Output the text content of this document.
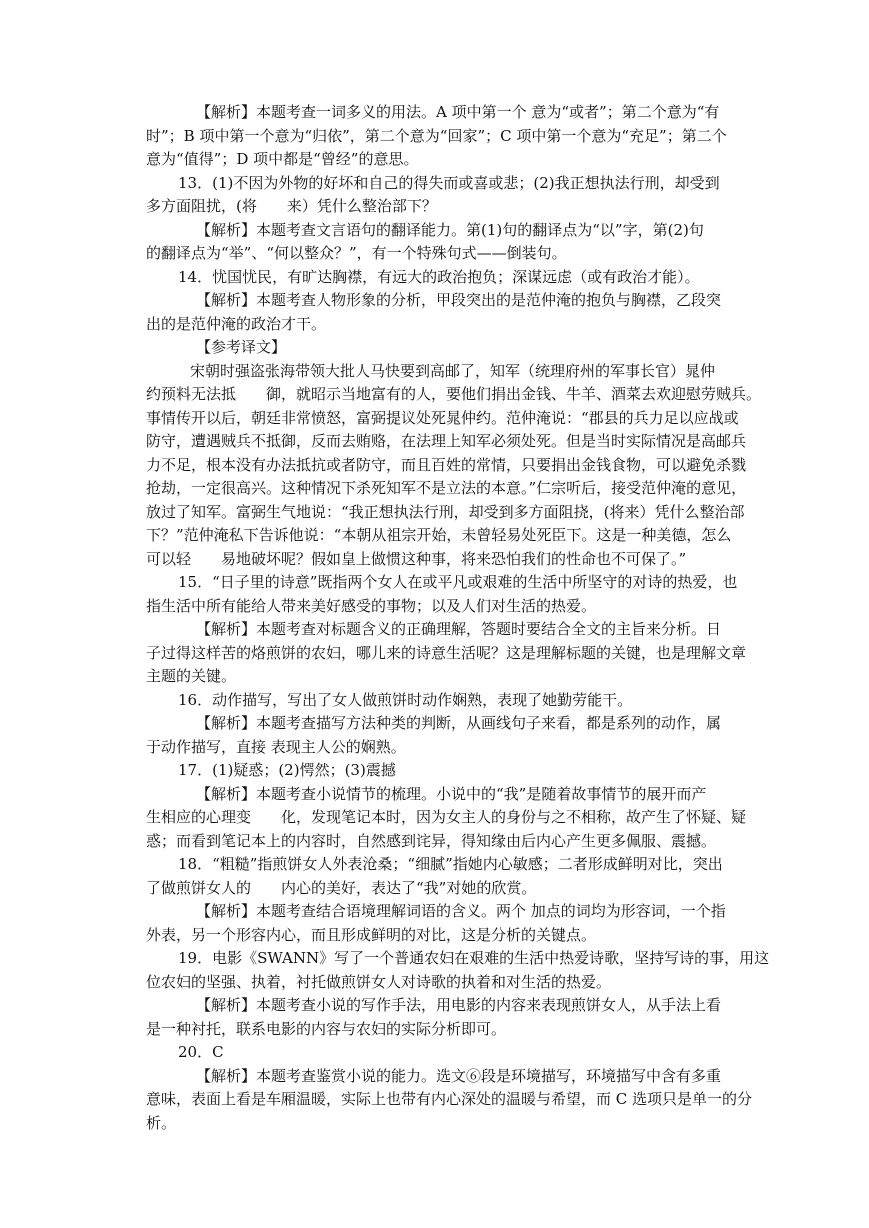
【解析】本题考查一词多义的用法。A 项中第一个 意为“或者”；第二个意为“有
时”；B 项中第一个意为“归依”，第二个意为“回家”；C 项中第一个意为“充足”；第二个
意为“值得”；D 项中都是“曾经”的意思。
13．(1)不因为外物的好坏和自己的得失而或喜或悲；(2)我正想执法行刑，却受到
多方面阻扰，(将　　来）凭什么整治部下？
【解析】本题考查文言语句的翻译能力。第(1)句的翻译点为“以”字，第(2)句
的翻译点为“举”、“何以整众？”，有一个特殊句式——倒装句。
14．忧国忧民，有旷达胸襟，有远大的政治抱负；深谋远虑（或有政治才能）。
【解析】本题考查人物形象的分析，甲段突出的是范仲淹的抱负与胸襟，乙段突
出的是范仲淹的政治才干。
【参考译文】
宋朝时强盗张海带领大批人马快要到高邮了，知军（统理府州的军事长官）晁仲
约预料无法抵　　御，就昭示当地富有的人，要他们捐出金钱、牛羊、酒菜去欢迎慰劳贼兵。
事情传开以后，朝廷非常愤怒，富弼提议处死晁仲约。范仲淹说：“郡县的兵力足以应战或
防守，遭遇贼兵不抵御，反而去贿赂，在法理上知军必须处死。但是当时实际情况是高邮兵
力不足，根本没有办法抵抗或者防守，而且百姓的常情，只要捐出金钱食物，可以避免杀戮
抢劫，一定很高兴。这种情况下杀死知军不是立法的本意。”仁宗听后，接受范仲淹的意见，
放过了知军。富弼生气地说：“我正想执法行刑，却受到多方面阻挠，(将来）凭什么整治部
下？”范仲淹私下告诉他说：“本朝从祖宗开始，未曾轻易处死臣下。这是一种美德，怎么
可以轻　　易地破坏呢？假如皇上做惯这种事，将来恐怕我们的性命也不可保了。”
15．“日子里的诗意”既指两个女人在或平凡或艰难的生活中所坚守的对诗的热爱，也
指生活中所有能给人带来美好感受的事物；以及人们对生活的热爱。
【解析】本题考查对标题含义的正确理解，答题时要结合全文的主旨来分析。日
子过得这样苦的烙煎饼的农妇，哪儿来的诗意生活呢？这是理解标题的关键，也是理解文章
主题的关键。
16．动作描写，写出了女人做煎饼时动作娴熟，表现了她勤劳能干。
【解析】本题考查描写方法种类的判断，从画线句子来看，都是系列的动作，属
于动作描写，直接 表现主人公的娴熟。
17．(1)疑惑；(2)愕然；(3)震撼
【解析】本题考查小说情节的梳理。小说中的“我”是随着故事情节的展开而产
生相应的心理变　　化，发现笔记本时，因为女主人的身份与之不相称，故产生了怀疑、疑
惑；而看到笔记本上的内容时，自然感到诧异，得知缘由后内心产生更多佩服、震撼。
18．“粗糙”指煎饼女人外表沧桑；“细腻”指她内心敏感；二者形成鲜明对比，突出
了做煎饼女人的　　内心的美好，表达了“我”对她的欣赏。
【解析】本题考查结合语境理解词语的含义。两个 加点的词均为形容词，一个指
外表，另一个形容内心，而且形成鲜明的对比，这是分析的关键点。
19．电影《SWANN》写了一个普通农妇在艰难的生活中热爱诗歌，坚持写诗的事，用这
位农妇的坚强、执着，衬托做煎饼女人对诗歌的执着和对生活的热爱。
【解析】本题考查小说的写作手法，用电影的内容来表现煎饼女人，从手法上看
是一种衬托，联系电影的内容与农妇的实际分析即可。
20．C
【解析】本题考查鉴赏小说的能力。选文⑥段是环境描写，环境描写中含有多重
意味，表面上看是车厢温暖，实际上也带有内心深处的温暖与希望，而 C 选项只是单一的分
析。
